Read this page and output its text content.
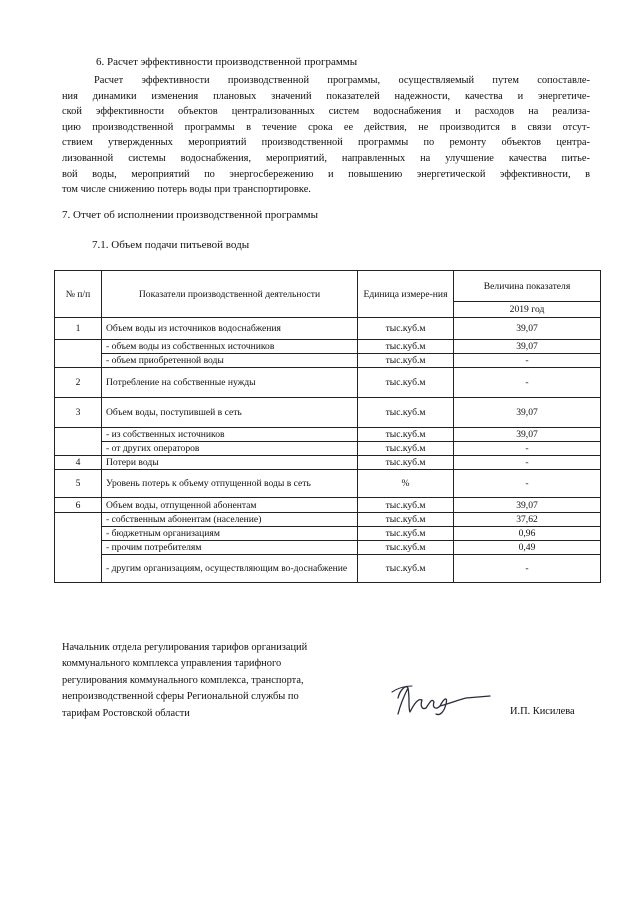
6. Расчет эффективности производственной программы
Расчет эффективности производственной программы, осуществляемый путем сопоставле-
ния динамики изменения плановых значений показателей надежности, качества и энергетиче-
ской эффективности объектов централизованных систем водоснабжения и расходов на реализа-
цию производственной программы в течение срока ее действия, не производится в связи отсут-
ствием утвержденных мероприятий производственной программы по ремонту объектов центра-
лизованной системы водоснабжения, мероприятий, направленных на улучшение качества питье-
вой воды, мероприятий по энергосбережению и повышению энергетической эффективности, в
том числе снижению потерь воды при транспортировке.
7. Отчет об исполнении производственной программы
7.1. Объем подачи питьевой воды
№ п/п	Показатели производственной деятельности	Единица измере-ния	Величина показателя
			2019 год
1	Объем воды из источников водоснабжения	тыс.куб.м	39,07
	- объем воды из собственных источников	тыс.куб.м	39,07
	- объем приобретенной воды	тыс.куб.м	-
2	Потребление на собственные нужды	тыс.куб.м	-
3	Объем воды, поступившей в сеть	тыс.куб.м	39,07
	- из собственных источников	тыс.куб.м	39,07
	- от других операторов	тыс.куб.м	-
4	Потери воды	тыс.куб.м	-
5	Уровень потерь к объему отпущенной воды в сеть	%	-
6	Объем воды, отпущенной абонентам	тыс.куб.м	39,07
	- собственным абонентам (население)	тыс.куб.м	37,62
	- бюджетным организациям	тыс.куб.м	0,96
	- прочим потребителям	тыс.куб.м	0,49
	- другим организациям, осуществляющим во-доснабжение	тыс.куб.м	-
Начальник отдела регулирования тарифов организаций
коммунального комплекса управления тарифного
регулирования коммунального комплекса, транспорта,
непроизводственной сферы Региональной службы по
тарифам Ростовской области	И.П. Кисилева
